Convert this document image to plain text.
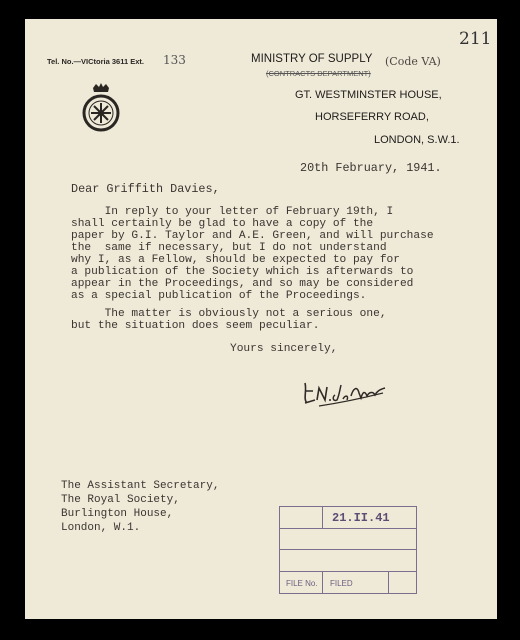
211
Tel. No.—VICtoria 3611 Ext. 133	MINISTRY OF SUPPLY (Code VA)
(CONTRACTS DEPARTMENT)
GT. WESTMINSTER HOUSE,
HORSEFERRY ROAD,
LONDON, S.W.1.
20th February, 1941.
Dear Griffith Davies,
In reply to your letter of February 19th, I
shall certainly be glad to have a copy of the
paper by G.I. Taylor and A.E. Green, and will purchase
the  same if necessary, but I do not understand
why I, as a Fellow, should be expected to pay for
a publication of the Society which is afterwards to
appear in the Proceedings, and so may be considered
as a special publication of the Proceedings.
The matter is obviously not a serious one,
but the situation does seem peculiar.
Yours sincerely,
The Assistant Secretary,
The Royal Society,
Burlington House,
London, W.1.
21.II.41
FILE No. FILED
